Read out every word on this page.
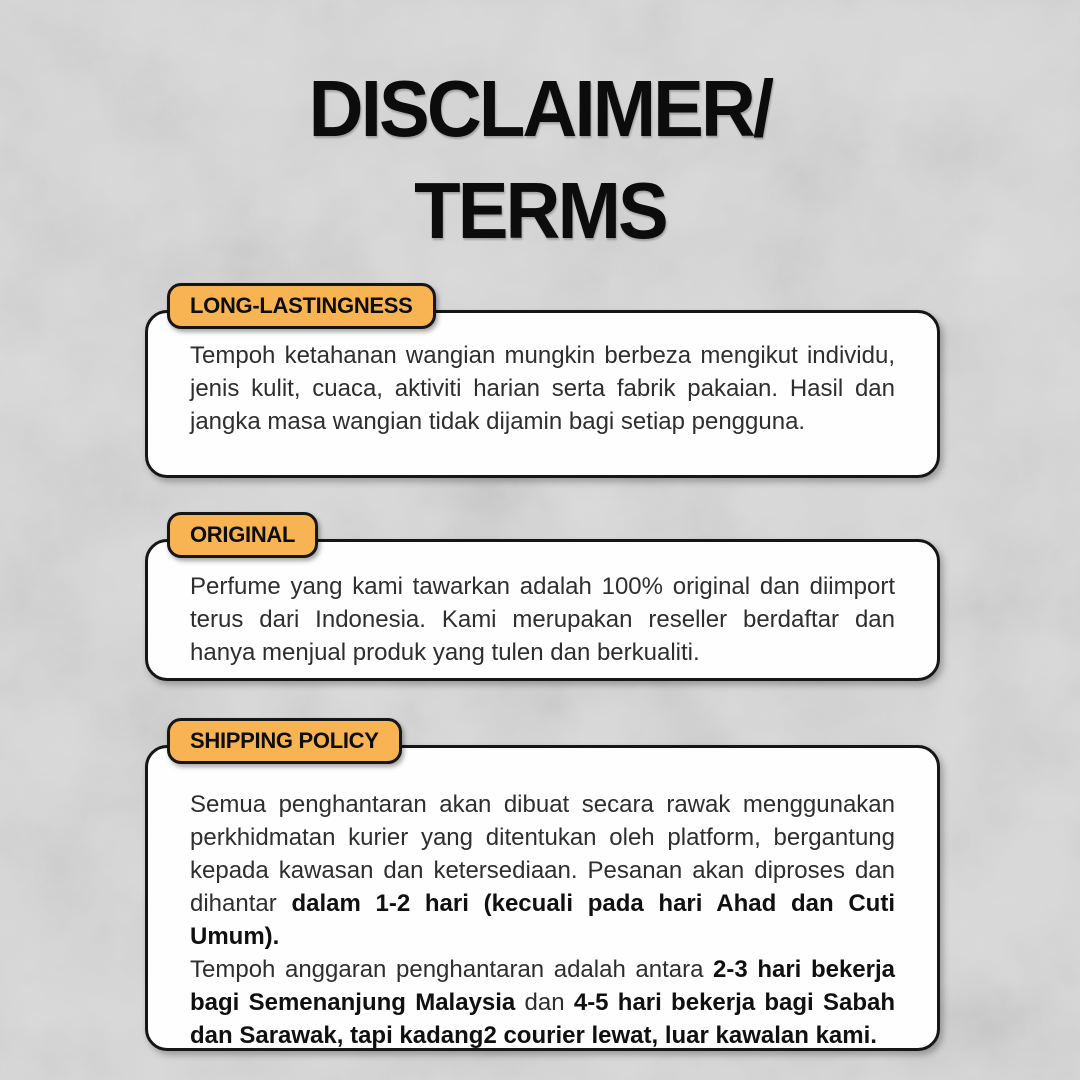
DISCLAIMER/
TERMS
LONG-LASTINGNESS

Tempoh ketahanan wangian mungkin berbeza mengikut individu, jenis kulit, cuaca, aktiviti harian serta fabrik pakaian. Hasil dan jangka masa wangian tidak dijamin bagi setiap pengguna.

ORIGINAL

Perfume yang kami tawarkan adalah 100% original dan diimport terus dari Indonesia. Kami merupakan reseller berdaftar dan hanya menjual produk yang tulen dan berkualiti.

SHIPPING POLICY

Semua penghantaran akan dibuat secara rawak menggunakan perkhidmatan kurier yang ditentukan oleh platform, bergantung kepada kawasan dan ketersediaan. Pesanan akan diproses dan dihantar dalam 1-2 hari (kecuali pada hari Ahad dan Cuti Umum).

Tempoh anggaran penghantaran adalah antara 2-3 hari bekerja bagi Semenanjung Malaysia dan 4-5 hari bekerja bagi Sabah dan Sarawak, tapi kadang2 courier lewat, luar kawalan kami.
